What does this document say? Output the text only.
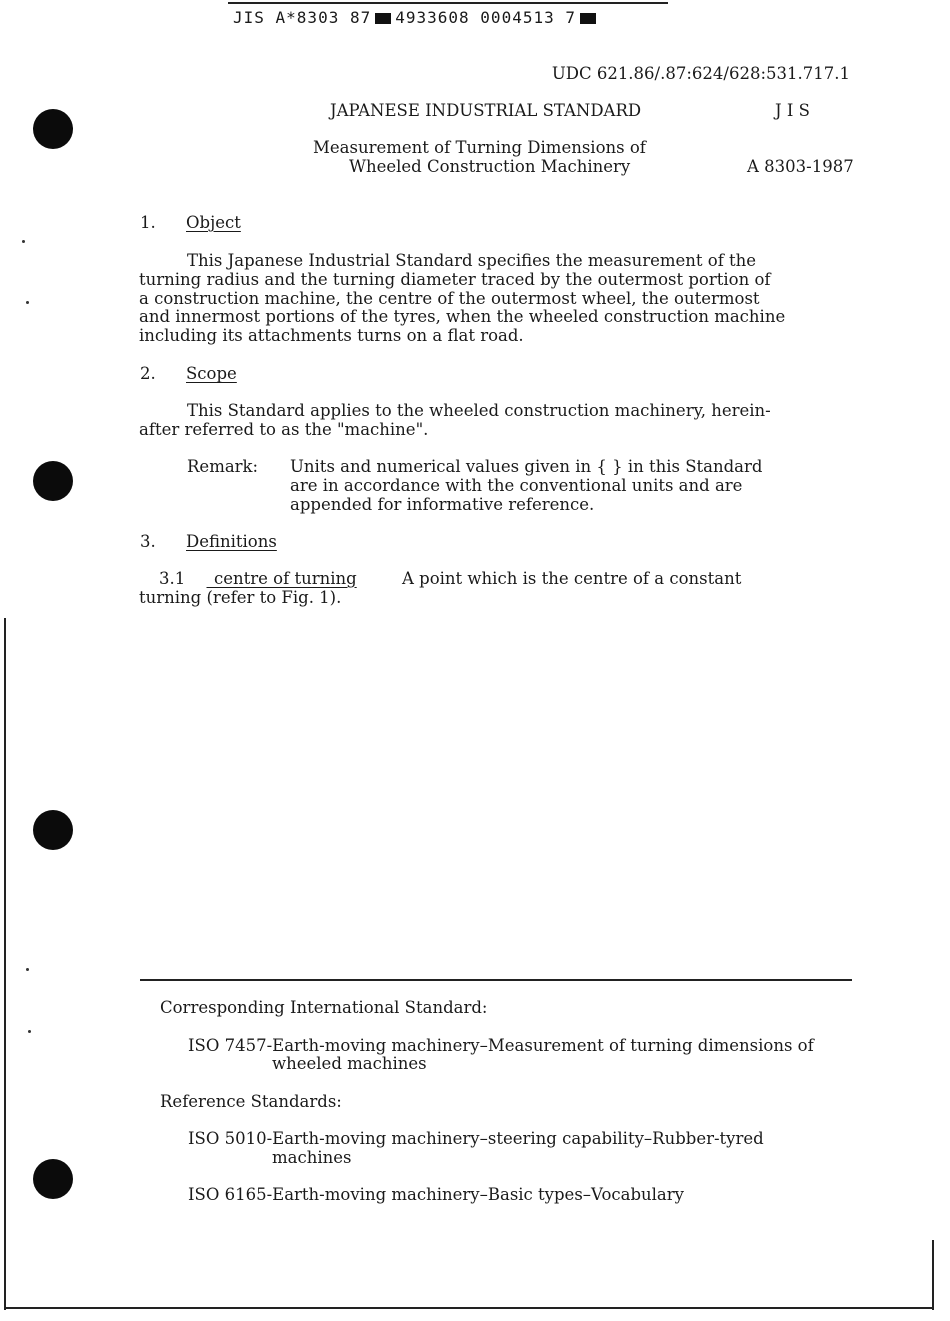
JIS A*8303 87 4933608 0004513 7
UDC 621.86/.87:624/628:531.717.1
JAPANESE INDUSTRIAL STANDARD	J I S
Measurement of Turning Dimensions of
Wheeled Construction Machinery	A 8303-1987
1. Object
This Japanese Industrial Standard specifies the measurement of the
turning radius and the turning diameter traced by the outermost portion of
a construction machine, the centre of the outermost wheel, the outermost
and innermost portions of the tyres, when the wheeled construction machine
including its attachments turns on a flat road.
2. Scope
This Standard applies to the wheeled construction machinery, herein-
after referred to as the "machine".
Remark: Units and numerical values given in { } in this Standard
are in accordance with the conventional units and are
appended for informative reference.
3. Definitions
3.1 centre of turning	A point which is the centre of a constant
turning (refer to Fig. 1).
Corresponding International Standard:
ISO 7457-Earth-moving machinery–Measurement of turning dimensions of
wheeled machines
Reference Standards:
ISO 5010-Earth-moving machinery–steering capability–Rubber-tyred
machines
ISO 6165-Earth-moving machinery–Basic types–Vocabulary
